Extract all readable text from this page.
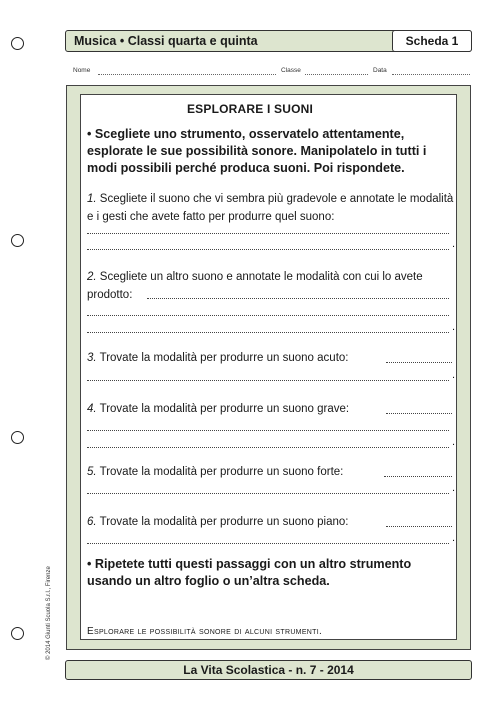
Musica • Classi quarta e quinta	Scheda 1
Nome	Classe	Data
ESPLORARE I SUONI
• Scegliete uno strumento, osservatelo attentamente, esplorate le sue possibilità sonore. Manipolatelo in tutti i modi possibili perché produca suoni. Poi rispondete.
1. Scegliete il suono che vi sembra più gradevole e annotate le modalità e i gesti che avete fatto per produrre quel suono:
.
2. Scegliete un altro suono e annotate le modalità con cui lo avete prodotto:
.
3. Trovate la modalità per produrre un suono acuto:
.
4. Trovate la modalità per produrre un suono grave:
.
5. Trovate la modalità per produrre un suono forte:
.
6. Trovate la modalità per produrre un suono piano:
.
• Ripetete tutti questi passaggi con un altro strumento usando un altro foglio o un’altra scheda.
Esplorare le possibilità sonore di alcuni strumenti.
© 2014 Giunti Scuola S.r.l., Firenze
La Vita Scolastica - n. 7 - 2014
